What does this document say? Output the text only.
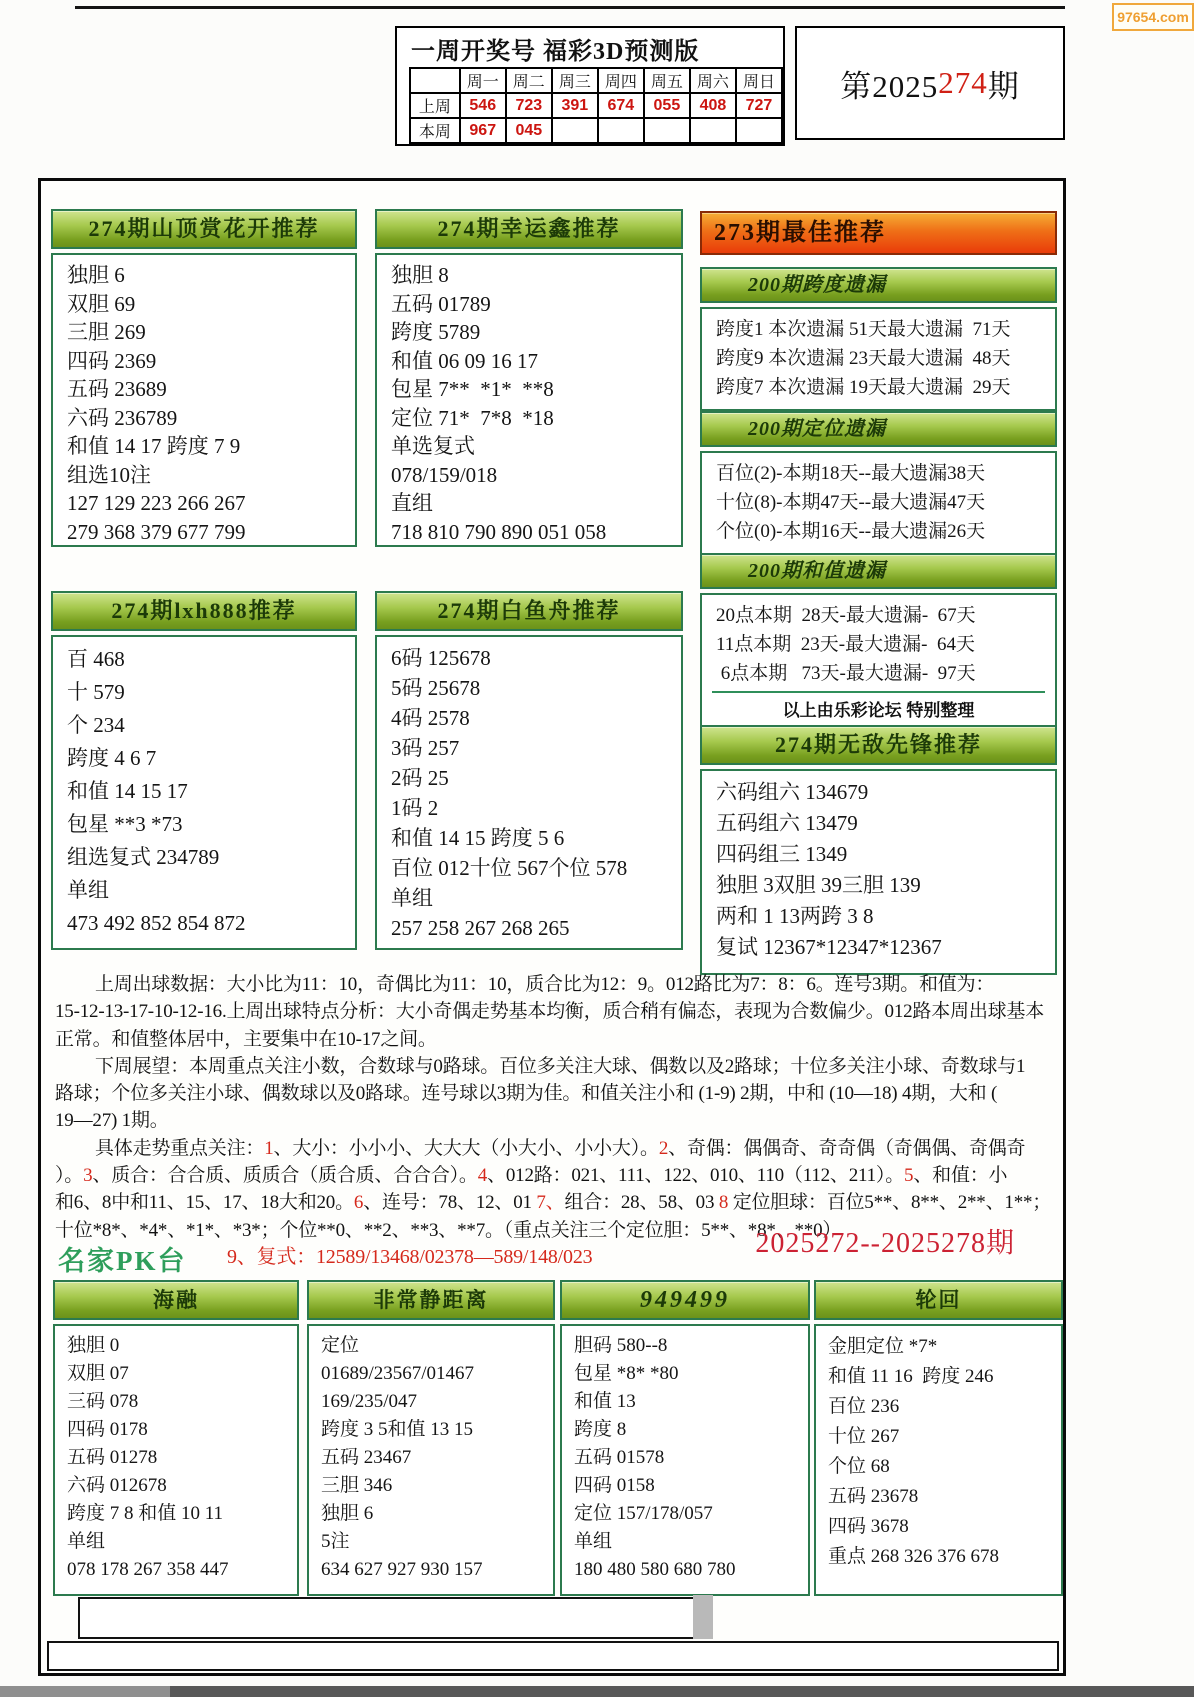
97654.com
一周开奖号 福彩3D预测版
	周一	周二	周三	周四	周五	周六	周日
上周	546	723	391	674	055	408	727
本周	967	045					
第2025 274 期
274期山顶赏花开推荐
独胆 6
双胆 69
三胆 269
四码 2369
五码 23689
六码 236789
和值 14 17 跨度 7 9
组选10注
127 129 223 266 267
279 368 379 677 799
274期幸运鑫推荐
独胆 8
五码 01789
跨度 5789
和值 06 09 16 17
包星 7**  *1*  **8
定位 71*  7*8  *18
单选复式
078/159/018
直组
718 810 790 890 051 058
273期最佳推荐
200期跨度遗漏
跨度1 本次遗漏 51天最大遗漏  71天
跨度9 本次遗漏 23天最大遗漏  48天
跨度7 本次遗漏 19天最大遗漏  29天
200期定位遗漏
百位(2)-本期18天--最大遗漏38天
十位(8)-本期47天--最大遗漏47天
个位(0)-本期16天--最大遗漏26天
200期和值遗漏
20点本期  28天-最大遗漏-  67天
11点本期  23天-最大遗漏-  64天
6点本期   73天-最大遗漏-  97天
以上由乐彩论坛 特别整理
274期无敌先锋推荐
六码组六 134679
五码组六 13479
四码组三 1349
独胆 3双胆 39三胆 139
两和 1 13两跨 3 8
复试 12367*12347*12367
274期lxh888推荐
百 468
十 579
个 234
跨度 4 6 7
和值 14 15 17
包星 **3 *73
组选复式 234789
单组
473 492 852 854 872
274期白鱼舟推荐
6码 125678
5码 25678
4码 2578
3码 257
2码 25
1码 2
和值 14 15 跨度 5 6
百位 012十位 567个位 578
单组
257 258 267 268 265
上周出球数据：大小比为11：10，奇偶比为11：10，质合比为12：9。012路比为7：8：6。连号3期。和值为：
15-12-13-17-10-12-16.上周出球特点分析：大小奇偶走势基本均衡，质合稍有偏态，表现为合数偏少。012路本周出球基本
正常。和值整体居中，主要集中在10-17之间。
下周展望：本周重点关注小数，合数球与0路球。百位多关注大球、偶数以及2路球；十位多关注小球、奇数球与1
路球；个位多关注小球、偶数球以及0路球。连号球以3期为佳。和值关注小和 (1-9) 2期，中和 (10—18) 4期，大和 (
19—27) 1期。
具体走势重点关注：1、大小：小小小、大大大（小大小、小小大）。2、奇偶：偶偶奇、奇奇偶（奇偶偶、奇偶奇
）。3、质合：合合质、质质合（质合质、合合合）。4、012路：021、111、122、010、110（112、211）。5、和值：小
和6、8中和11、15、17、18大和20。6、连号：78、12、01 7、组合：28、58、03 8 定位胆球：百位5**、8**、2**、1**；
十位*8*、*4*、*1*、*3*；个位**0、**2、**3、**7。（重点关注三个定位胆：5**、*8*、**0）
9、复式：12589/13468/02378—589/148/023
名家PK台
2025272--2025278期
海融
独胆 0
双胆 07
三码 078
四码 0178
五码 01278
六码 012678
跨度 7 8 和值 10 11
单组
078 178 267 358 447
非常静距离
定位
01689/23567/01467
169/235/047
跨度 3 5和值 13 15
五码 23467
三胆 346
独胆 6
5注
634 627 927 930 157
949499
胆码 580--8
包星 *8* *80
和值 13
跨度 8
五码 01578
四码 0158
定位 157/178/057
单组
180 480 580 680 780
轮回
金胆定位 *7*
和值 11 16  跨度 246
百位 236
十位 267
个位 68
五码 23678
四码 3678
重点 268 326 376 678
